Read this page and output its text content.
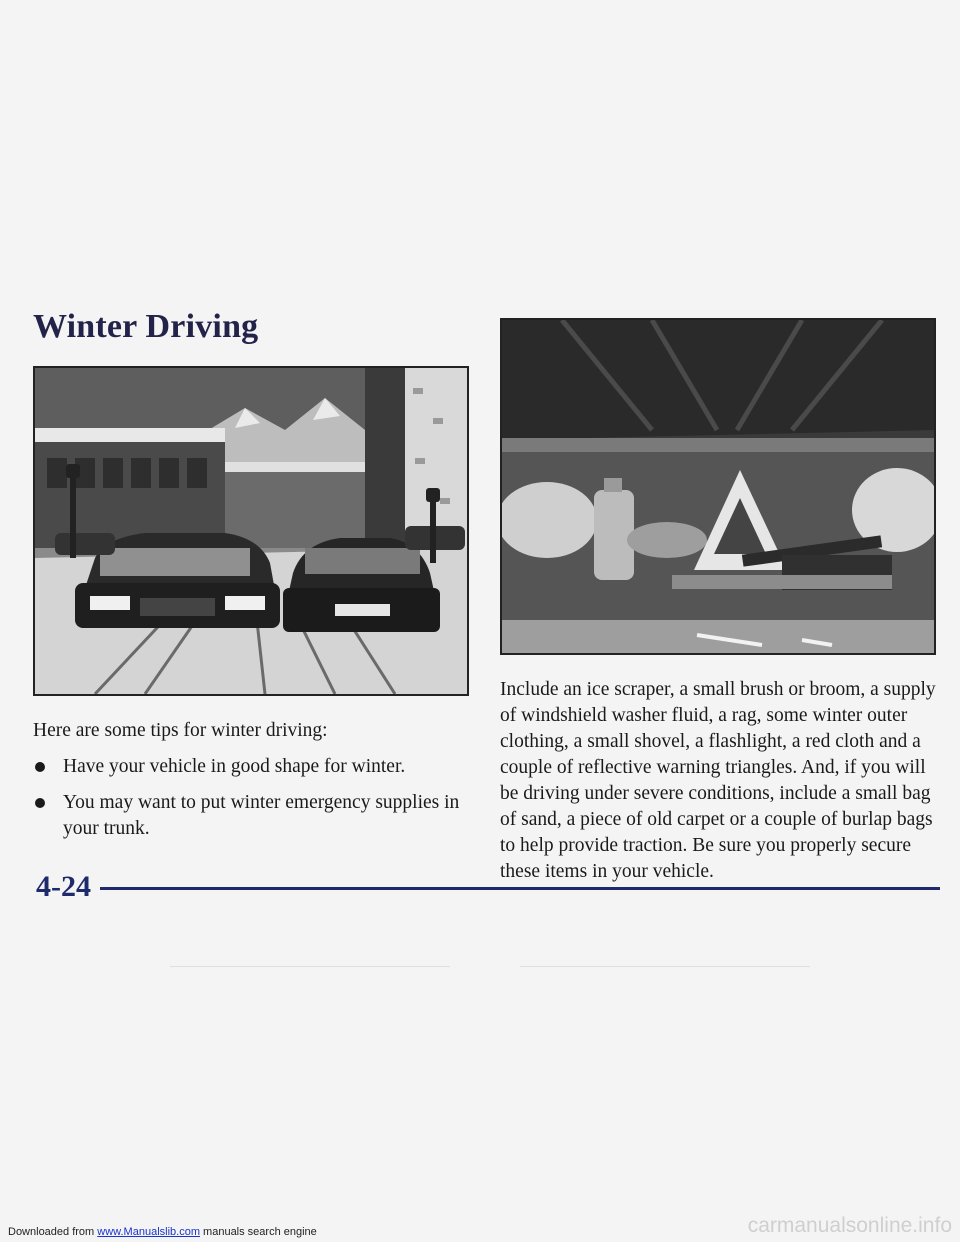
Winter Driving

Here are some tips for winter driving:

Have your vehicle in good shape for winter.
You may want to put winter emergency supplies in your trunk.

Include an ice scraper, a small brush or broom, a supply of windshield washer fluid, a rag, some winter outer clothing, a small shovel, a flashlight, a red cloth and a couple of reflective warning triangles. And, if you will be driving under severe conditions, include a small bag of sand, a piece of old carpet or a couple of burlap bags to help provide traction. Be sure you properly secure these items in your vehicle.

4-24
Downloaded from www.Manualslib.com manuals search engine	carmanualsonline.info
